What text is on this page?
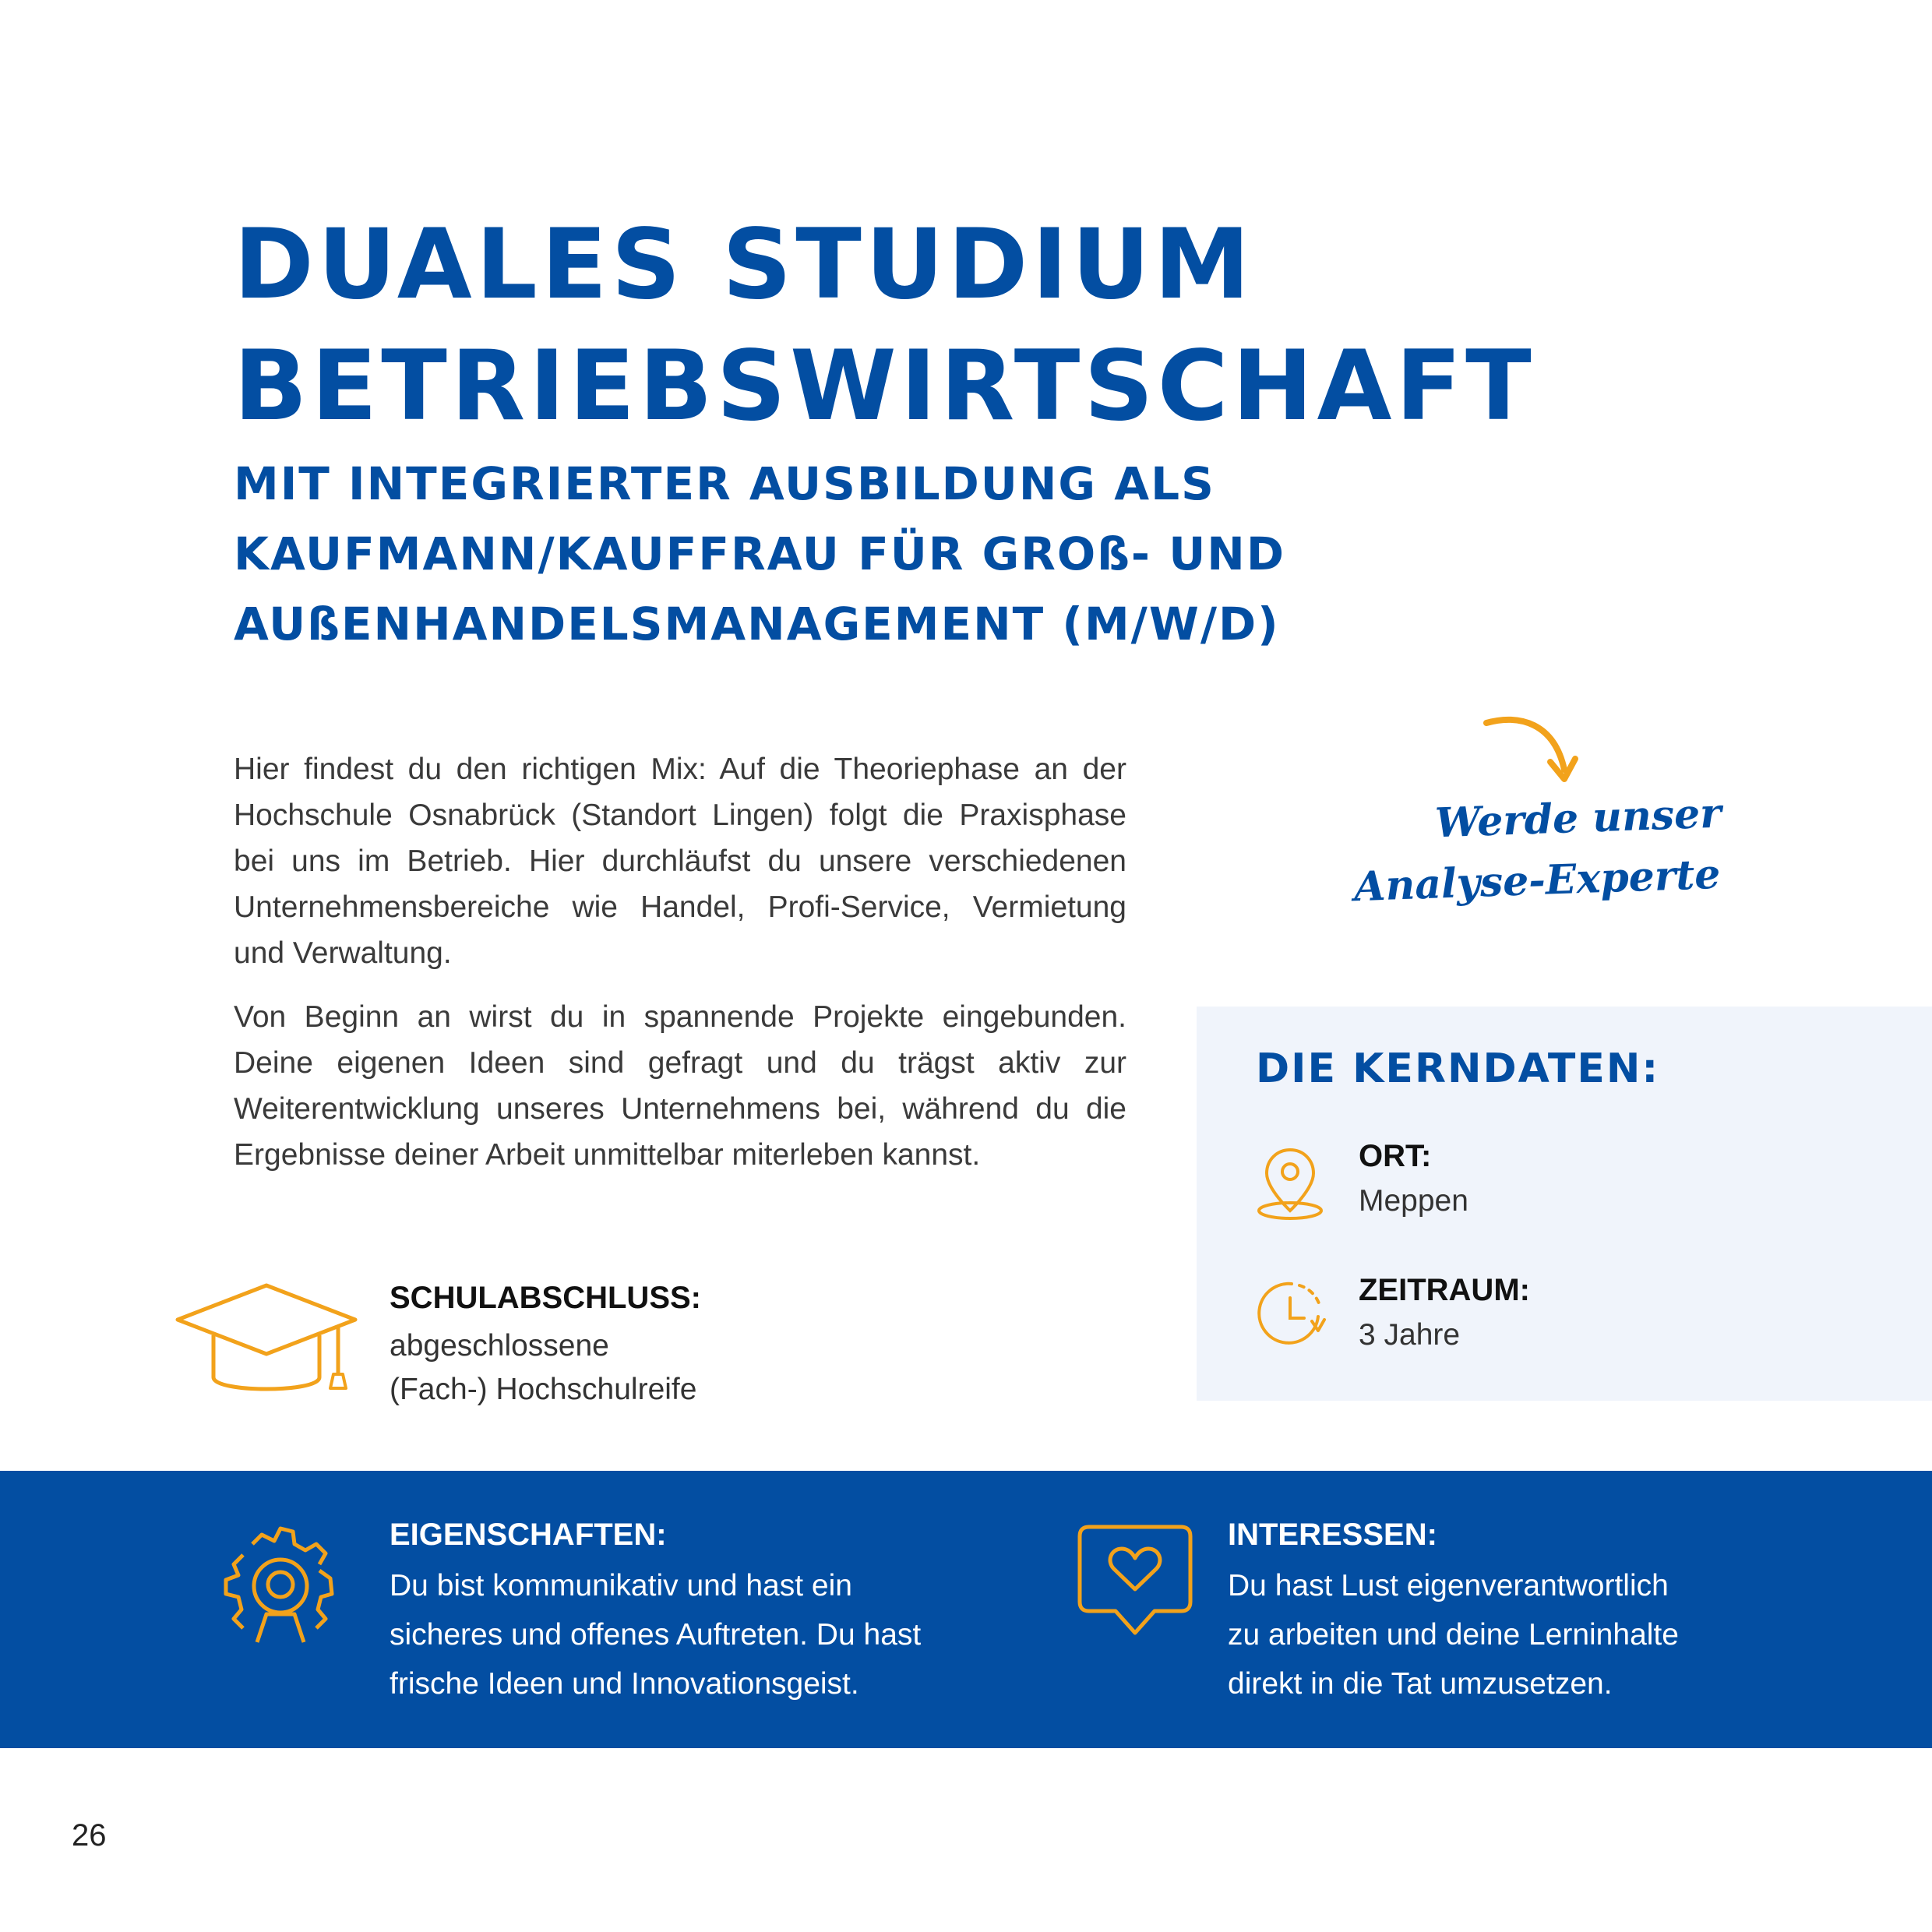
DUALES STUDIUM
BETRIEBSWIRTSCHAFT
MIT INTEGRIERTER AUSBILDUNG ALS
KAUFMANN/KAUFFRAU FÜR GROß- UND
AUßENHANDELSMANAGEMENT (M/W/D)

Hier findest du den richtigen Mix: Auf die Theoriephase an der Hochschule Osnabrück (Standort Lingen) folgt die Praxisphase bei uns im Betrieb. Hier durchläufst du unsere verschiedenen Unternehmensbereiche wie Handel, Profi-Service, Vermietung und Verwaltung.

Von Beginn an wirst du in spannende Projekte eingebunden. Deine eigenen Ideen sind gefragt und du trägst aktiv zur Weiterentwicklung unseres Unternehmens bei, während du die Ergebnisse deiner Arbeit unmittelbar miterleben kannst.

Werde unser
Analyse-Experte
DIE KERNDATEN:
ORT:
Meppen
ZEITRAUM:
3 Jahre
SCHULABSCHLUSS:
abgeschlossene
(Fach-) Hochschulreife
EIGENSCHAFTEN:
Du bist kommunikativ und hast ein
sicheres und offenes Auftreten. Du hast
frische Ideen und Innovationsgeist.
INTERESSEN:
Du hast Lust eigenverantwortlich
zu arbeiten und deine Lerninhalte
direkt in die Tat umzusetzen.
26
